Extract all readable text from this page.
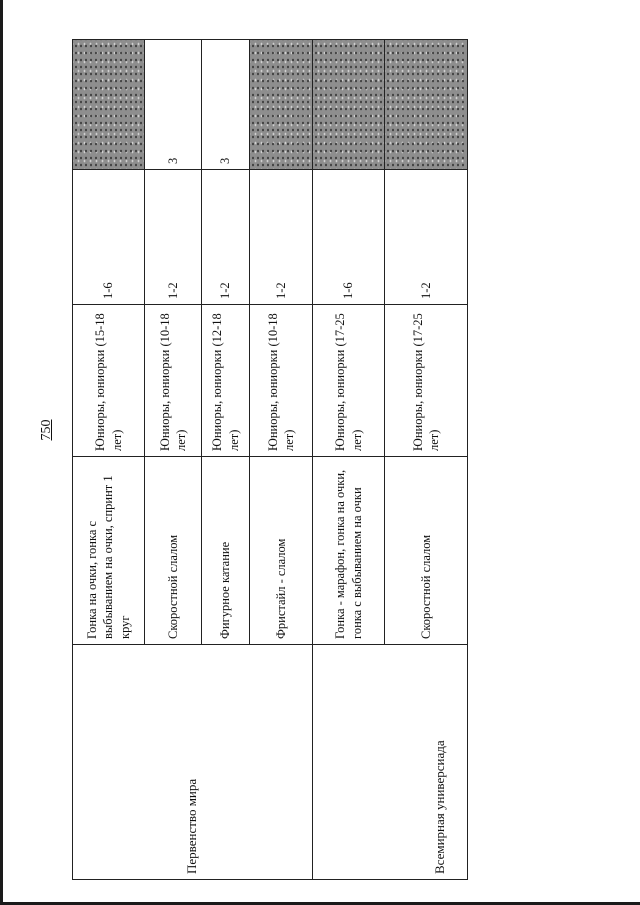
750
Первенство мира	Гонка на очки, гонка с выбыванием на очки, спринт 1 круг	Юниоры, юниорки (15-18 лет)	1-6	
	Скоростной слалом	Юниоры, юниорки (10-18 лет)	1-2	3
	Фигурное катание	Юниоры, юниорки (12-18 лет)	1-2	3
	Фристайл - слалом	Юниоры, юниорки (10-18 лет)	1-2	
Всемирная универсиада	Гонка - марафон, гонка на очки, гонка с выбыванием на очки	Юниоры, юниорки (17-25 лет)	1-6	
	Скоростной слалом	Юниоры, юниорки (17-25 лет)	1-2	
